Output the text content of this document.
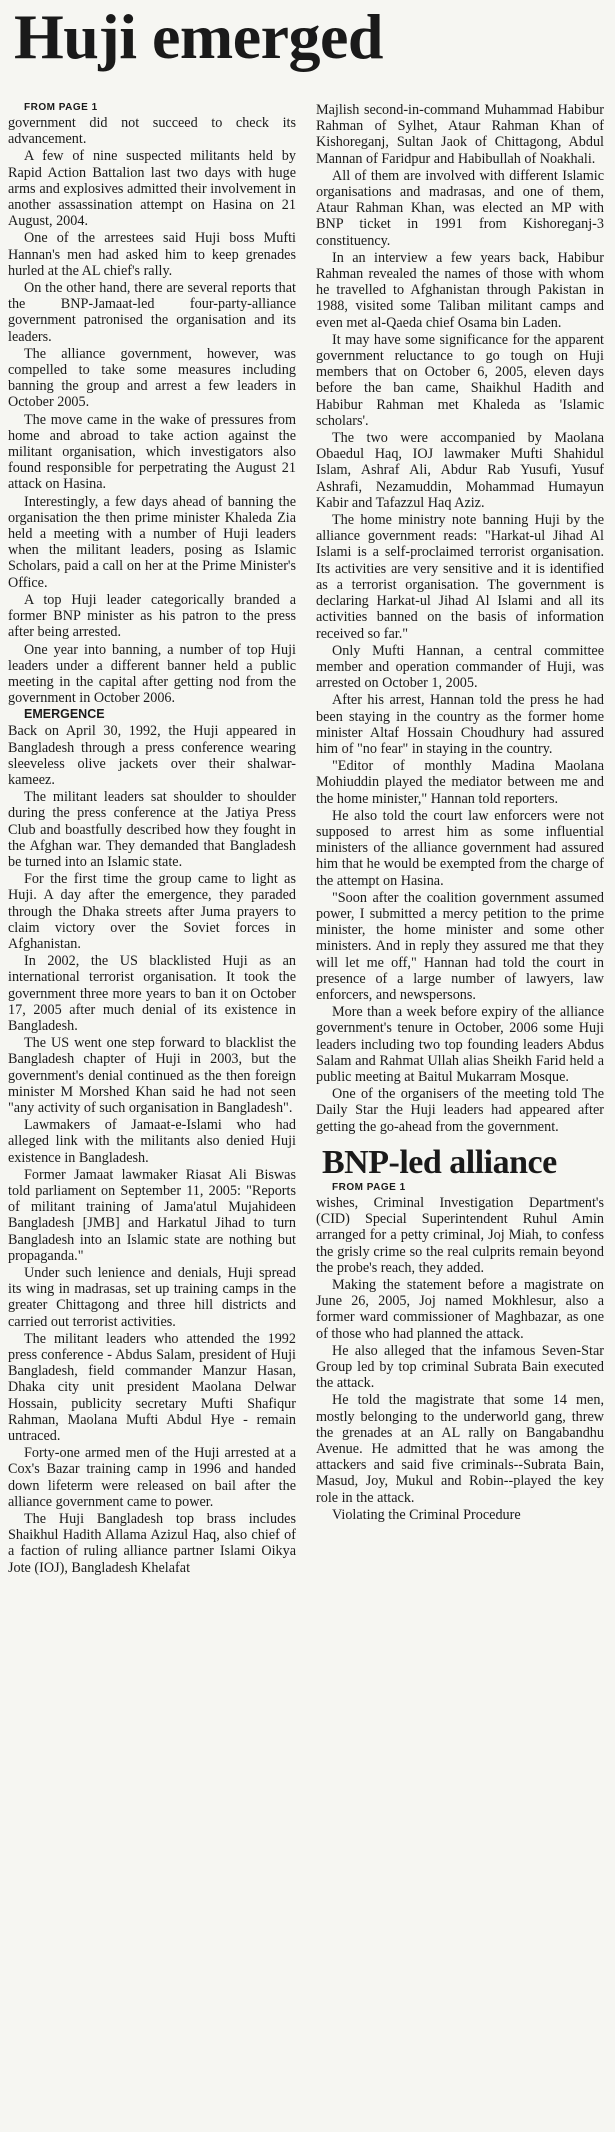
Huji emerged

FROM PAGE 1

government did not succeed to check its advancement.

A few of nine suspected militants held by Rapid Action Battalion last two days with huge arms and explosives admitted their involvement in another assassination attempt on Hasina on 21 August, 2004.

One of the arrestees said Huji boss Mufti Hannan's men had asked him to keep grenades hurled at the AL chief's rally.

On the other hand, there are several reports that the BNP-Jamaat-led four-party-alliance government patronised the organisation and its leaders.

The alliance government, however, was compelled to take some measures including banning the group and arrest a few leaders in October 2005.

The move came in the wake of pressures from home and abroad to take action against the militant organisation, which investigators also found responsible for perpetrating the August 21 attack on Hasina.

Interestingly, a few days ahead of banning the organisation the then prime minister Khaleda Zia held a meeting with a number of Huji leaders when the militant leaders, posing as Islamic Scholars, paid a call on her at the Prime Minister's Office.

A top Huji leader categorically branded a former BNP minister as his patron to the press after being arrested.

One year into banning, a number of top Huji leaders under a different banner held a public meeting in the capital after getting nod from the government in October 2006.

EMERGENCE

Back on April 30, 1992, the Huji appeared in Bangladesh through a press conference wearing sleeveless olive jackets over their shalwar-kameez.

The militant leaders sat shoulder to shoulder during the press conference at the Jatiya Press Club and boastfully described how they fought in the Afghan war. They demanded that Bangladesh be turned into an Islamic state.

For the first time the group came to light as Huji. A day after the emergence, they paraded through the Dhaka streets after Juma prayers to claim victory over the Soviet forces in Afghanistan.

In 2002, the US blacklisted Huji as an international terrorist organisation. It took the government three more years to ban it on October 17, 2005 after much denial of its existence in Bangladesh.

The US went one step forward to blacklist the Bangladesh chapter of Huji in 2003, but the government's denial continued as the then foreign minister M Morshed Khan said he had not seen "any activity of such organisation in Bangladesh".

Lawmakers of Jamaat-e-Islami who had alleged link with the militants also denied Huji existence in Bangladesh.

Former Jamaat lawmaker Riasat Ali Biswas told parliament on September 11, 2005: "Reports of militant training of Jama'atul Mujahideen Bangladesh [JMB] and Harkatul Jihad to turn Bangladesh into an Islamic state are nothing but propaganda."

Under such lenience and denials, Huji spread its wing in madrasas, set up training camps in the greater Chittagong and three hill districts and carried out terrorist activities.

The militant leaders who attended the 1992 press conference - Abdus Salam, president of Huji Bangladesh, field commander Manzur Hasan, Dhaka city unit president Maolana Delwar Hossain, publicity secretary Mufti Shafiqur Rahman, Maolana Mufti Abdul Hye - remain untraced.

Forty-one armed men of the Huji arrested at a Cox's Bazar training camp in 1996 and handed down lifeterm were released on bail after the alliance government came to power.

The Huji Bangladesh top brass includes Shaikhul Hadith Allama Azizul Haq, also chief of a faction of ruling alliance partner Islami Oikya Jote (IOJ), Bangladesh Khelafat

Majlish second-in-command Muhammad Habibur Rahman of Sylhet, Ataur Rahman Khan of Kishoreganj, Sultan Jaok of Chittagong, Abdul Mannan of Faridpur and Habibullah of Noakhali.

All of them are involved with different Islamic organisations and madrasas, and one of them, Ataur Rahman Khan, was elected an MP with BNP ticket in 1991 from Kishoreganj-3 constituency.

In an interview a few years back, Habibur Rahman revealed the names of those with whom he travelled to Afghanistan through Pakistan in 1988, visited some Taliban militant camps and even met al-Qaeda chief Osama bin Laden.

It may have some significance for the apparent government reluctance to go tough on Huji members that on October 6, 2005, eleven days before the ban came, Shaikhul Hadith and Habibur Rahman met Khaleda as 'Islamic scholars'.

The two were accompanied by Maolana Obaedul Haq, IOJ lawmaker Mufti Shahidul Islam, Ashraf Ali, Abdur Rab Yusufi, Yusuf Ashrafi, Nezamuddin, Mohammad Humayun Kabir and Tafazzul Haq Aziz.

The home ministry note banning Huji by the alliance government reads: "Harkat-ul Jihad Al Islami is a self-proclaimed terrorist organisation. Its activities are very sensitive and it is identified as a terrorist organisation. The government is declaring Harkat-ul Jihad Al Islami and all its activities banned on the basis of information received so far."

Only Mufti Hannan, a central committee member and operation commander of Huji, was arrested on October 1, 2005.

After his arrest, Hannan told the press he had been staying in the country as the former home minister Altaf Hossain Choudhury had assured him of "no fear" in staying in the country.

"Editor of monthly Madina Maolana Mohiuddin played the mediator between me and the home minister," Hannan told reporters.

He also told the court law enforcers were not supposed to arrest him as some influential ministers of the alliance government had assured him that he would be exempted from the charge of the attempt on Hasina.

"Soon after the coalition government assumed power, I submitted a mercy petition to the prime minister, the home minister and some other ministers. And in reply they assured me that they will let me off," Hannan had told the court in presence of a large number of lawyers, law enforcers, and newspersons.

More than a week before expiry of the alliance government's tenure in October, 2006 some Huji leaders including two top founding leaders Abdus Salam and Rahmat Ullah alias Sheikh Farid held a public meeting at Baitul Mukarram Mosque.

One of the organisers of the meeting told The Daily Star the Huji leaders had appeared after getting the go-ahead from the government.

BNP-led alliance

FROM PAGE 1

wishes, Criminal Investigation Department's (CID) Special Superintendent Ruhul Amin arranged for a petty criminal, Joj Miah, to confess the grisly crime so the real culprits remain beyond the probe's reach, they added.

Making the statement before a magistrate on June 26, 2005, Joj named Mokhlesur, also a former ward commissioner of Maghbazar, as one of those who had planned the attack.

He also alleged that the infamous Seven-Star Group led by top criminal Subrata Bain executed the attack.

He told the magistrate that some 14 men, mostly belonging to the underworld gang, threw the grenades at an AL rally on Bangabandhu Avenue. He admitted that he was among the attackers and said five criminals--Subrata Bain, Masud, Joy, Mukul and Robin--played the key role in the attack.

Violating the Criminal Procedure
